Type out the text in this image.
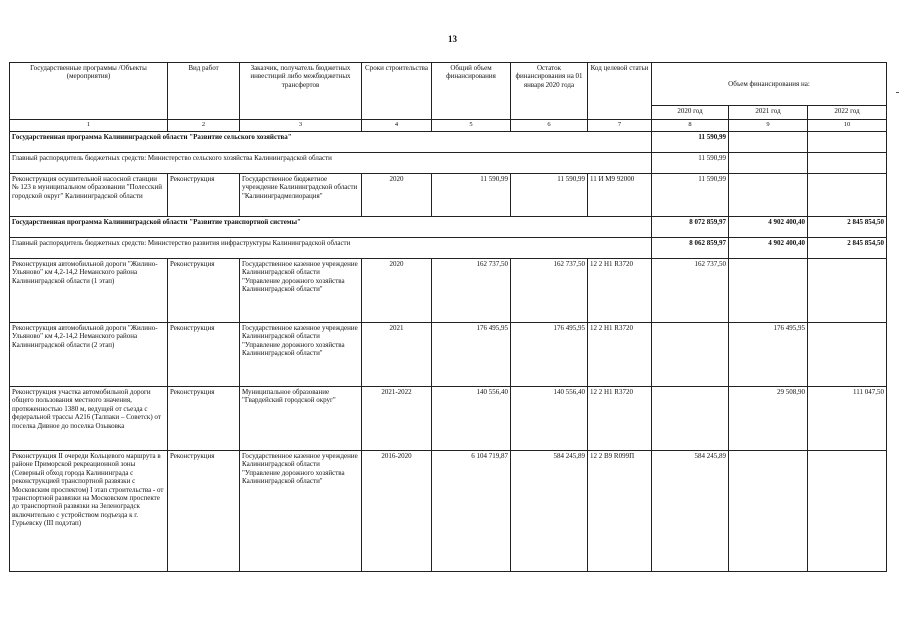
13
Государственные программы /Объекты (мероприятия)	Вид работ	Заказчик, получатель бюджетных инвестиций либо межбюджетных трансфертов	Сроки строительства	Общий объем финансирования	Остаток финансирования на 01 января 2020 года	Код целевой статьи	Объем финансирования на:		
							2020 год	2021 год	2022 год
1	2	3	4	5	6	7	8	9	10
Государственная программа Калининградской области "Развитие сельского хозяйства"							11 590,99		
Главный распорядитель бюджетных средств: Министерство сельского хозяйства Калининградской области							11 590,99		
Реконструкция осушительной насосной станции № 123 в муниципальном образовании "Полесский городской округ" Калининградской области	Реконструкция	Государственное бюджетное учреждение Калининградской области "Калининградмелиорация"	2020	11 590,99	11 590,99	11 И М9 92000	11 590,99		
Государственная программа Калининградской области "Развитие транспортной системы"							8 072 859,97	4 902 400,40	2 845 854,50
Главный распорядитель бюджетных средств: Министерство развития инфраструктуры Калининградской области							8 062 859,97	4 902 400,40	2 845 854,50
Реконструкция автомобильной дороги "Жилино-Ульяново" км 4,2-14,2 Неманского района Калининградской области (1 этап)	Реконструкция	Государственное казенное учреждение Калининградской области "Управление дорожного хозяйства Калининградской области"	2020	162 737,50	162 737,50	12 2 Н1 R3720	162 737,50		
Реконструкция автомобильной дороги "Жилино-Ульяново" км 4,2-14,2 Неманского района Калининградской области (2 этап)	Реконструкция	Государственное казенное учреждение Калининградской области "Управление дорожного хозяйства Калининградской области"	2021	176 495,95	176 495,95	12 2 Н1 R3720		176 495,95	
Реконструкция участка автомобильной дороги общего пользования местного значения, протяженностью 1380 м, ведущей от съезда с федеральной трассы А216 (Талпаки – Советск) от поселка Дивное до поселка Озыковка	Реконструкция	Муниципальное образование "Гвардейский городской округ"	2021-2022	140 556,40	140 556,40	12 2 Н1 R3720		29 508,90	111 047,50
Реконструкция II очереди Кольцевого маршрута в районе Приморской рекреационной зоны (Северный обход города Калининграда с реконструкцией транспортной развязки с Московским проспектом) I этап строительства - от транспортной развязки на Московском проспекте до транспортной развязки на Зеленоградск включительно с устройством подъезда к г. Гурьевску (III подэтап)	Реконструкция	Государственное казенное учреждение Калининградской области "Управление дорожного хозяйства Калининградской области"	2016-2020	6 104 719,87	584 245,89	12 2 В9 R099П	584 245,89		
